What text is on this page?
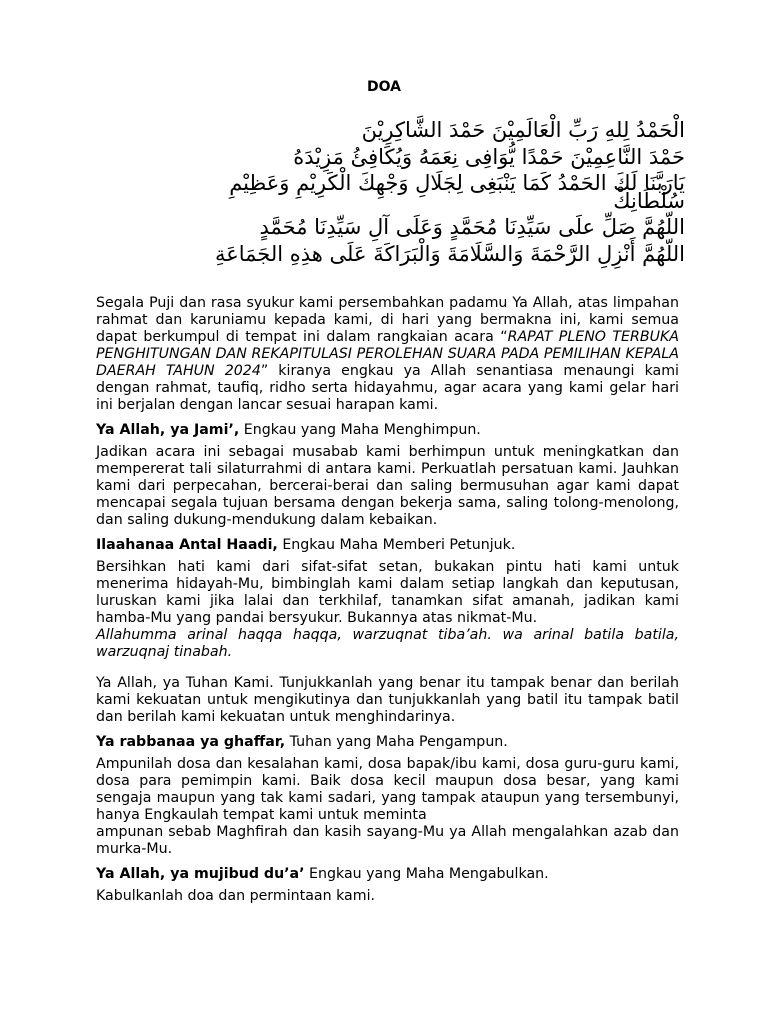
DOA
الْحَمْدُ لِلهِ رَبِّ الْعَالَمِيْنَ حَمْدَ الشَّاكِرِيْنَ
حَمْدَ النَّاعِمِيْنَ حَمْدًا يُّوَافِى نِعَمَهُ وَيُكَافِئُ مَزِيْدَهُ
يَارَبَّنَا لَكَ الحَمْدُ كَمَا يَنْبَغِى لِجَلَالِ وَجْهِكَ الْكَرِيْمِ وَعَظِيْمِ
سُلْطَانِكْ
اللّهُمَّ صَلِّ علَى سَيِّدِنَا مُحَمَّدٍ وَعَلَى آلِ سَيِّدِنَا مُحَمَّدٍ
اللّهُمَّ أَنْزِلِ الرَّحْمَةَ وَالسَّلَامَةَ وَالْبَرَاكَةَ عَلَى هذِهِ الجَمَاعَةِ

Segala Puji dan rasa syukur kami persembahkan padamu Ya Allah, atas limpahan rahmat dan karuniamu kepada kami, di hari yang bermakna ini, kami semua dapat berkumpul di tempat ini dalam rangkaian acara “RAPAT PLENO TERBUKA PENGHITUNGAN DAN REKAPITULASI PEROLEHAN SUARA PADA PEMILIHAN KEPALA DAERAH TAHUN 2024” kiranya engkau ya Allah senantiasa menaungi kami dengan rahmat, taufiq, ridho serta hidayahmu, agar acara yang kami gelar hari ini berjalan dengan lancar sesuai harapan kami.

Ya Allah, ya Jami’, Engkau yang Maha Menghimpun.

Jadikan acara ini sebagai musabab kami berhimpun untuk meningkatkan dan mempererat tali silaturrahmi di antara kami. Perkuatlah persatuan kami. Jauhkan kami dari perpecahan, bercerai-berai dan saling bermusuhan agar kami dapat mencapai segala tujuan bersama dengan bekerja sama, saling tolong-menolong, dan saling dukung-mendukung dalam kebaikan.

Ilaahanaa Antal Haadi, Engkau Maha Memberi Petunjuk.

Bersihkan hati kami dari sifat-sifat setan, bukakan pintu hati kami untuk menerima hidayah-Mu, bimbinglah kami dalam setiap langkah dan keputusan, luruskan kami jika lalai dan terkhilaf, tanamkan sifat amanah, jadikan kami hamba-Mu yang pandai bersyukur. Bukannya atas nikmat-Mu.

Allahumma arinal haqqa haqqa, warzuqnat tiba’ah. wa arinal batila batila, warzuqnaj tinabah.

Ya Allah, ya Tuhan Kami. Tunjukkanlah yang benar itu tampak benar dan berilah kami kekuatan untuk mengikutinya dan tunjukkanlah yang batil itu tampak batil dan berilah kami kekuatan untuk menghindarinya.

Ya rabbanaa ya ghaffar, Tuhan yang Maha Pengampun.

Ampunilah dosa dan kesalahan kami, dosa bapak/ibu kami, dosa guru-guru kami, dosa para pemimpin kami. Baik dosa kecil maupun dosa besar, yang kami sengaja maupun yang tak kami sadari, yang tampak ataupun yang tersembunyi, hanya Engkaulah tempat kami untuk meminta

ampunan sebab Maghfirah dan kasih sayang-Mu ya Allah mengalahkan azab dan murka-Mu.

Ya Allah, ya mujibud du’a’ Engkau yang Maha Mengabulkan.

Kabulkanlah doa dan permintaan kami.
